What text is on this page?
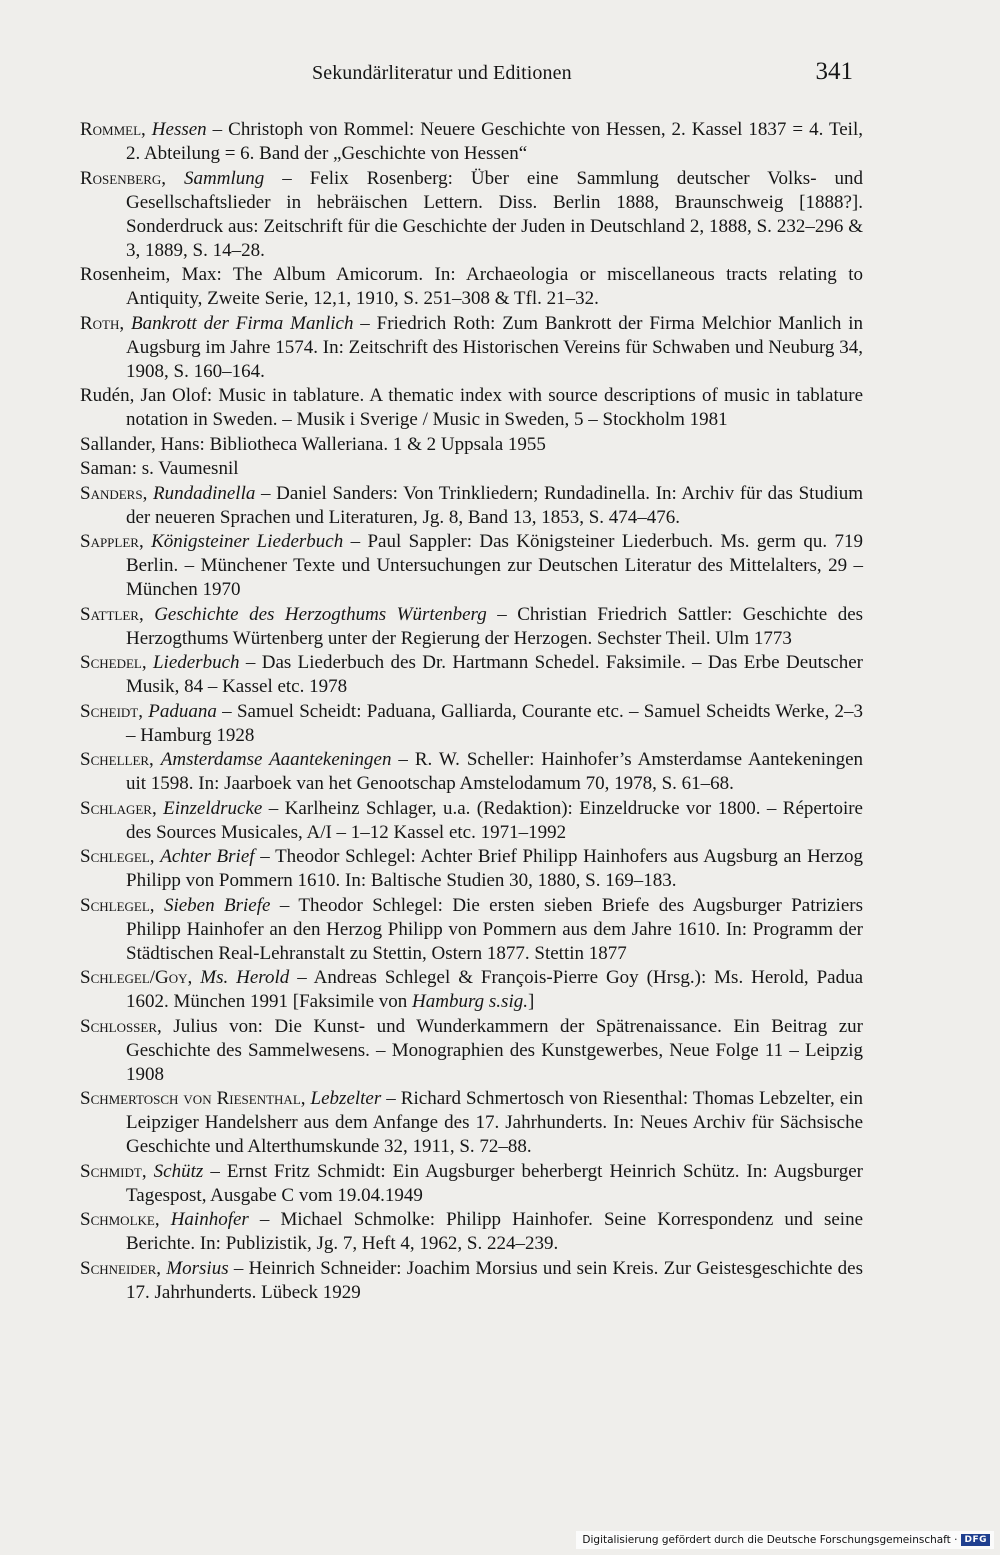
Sekundärliteratur und Editionen	341
Rommel, Hessen – Christoph von Rommel: Neuere Geschichte von Hessen, 2. Kassel 1837 = 4. Teil, 2. Abteilung = 6. Band der „Geschichte von Hessen“
Rosenberg, Sammlung – Felix Rosenberg: Über eine Sammlung deutscher Volks- und Gesellschaftslieder in hebräischen Lettern. Diss. Berlin 1888, Braunschweig [1888?]. Sonderdruck aus: Zeitschrift für die Geschichte der Juden in Deutschland 2, 1888, S. 232–296 & 3, 1889, S. 14–28.
Rosenheim, Max: The Album Amicorum. In: Archaeologia or miscellaneous tracts relating to Antiquity, Zweite Serie, 12,1, 1910, S. 251–308 & Tfl. 21–32.
Roth, Bankrott der Firma Manlich – Friedrich Roth: Zum Bankrott der Firma Melchior Manlich in Augsburg im Jahre 1574. In: Zeitschrift des Historischen Vereins für Schwaben und Neuburg 34, 1908, S. 160–164.
Rudén, Jan Olof: Music in tablature. A thematic index with source descriptions of music in tablature notation in Sweden. – Musik i Sverige / Music in Sweden, 5 – Stockholm 1981
Sallander, Hans: Bibliotheca Walleriana. 1 & 2 Uppsala 1955
Saman: s. Vaumesnil
Sanders, Rundadinella – Daniel Sanders: Von Trinkliedern; Rundadinella. In: Archiv für das Studium der neueren Sprachen und Literaturen, Jg. 8, Band 13, 1853, S. 474–476.
Sappler, Königsteiner Liederbuch – Paul Sappler: Das Königsteiner Liederbuch. Ms. germ qu. 719 Berlin. – Münchener Texte und Untersuchungen zur Deutschen Literatur des Mittelalters, 29 – München 1970
Sattler, Geschichte des Herzogthums Würtenberg – Christian Friedrich Sattler: Geschichte des Herzogthums Würtenberg unter der Regierung der Herzogen. Sechster Theil. Ulm 1773
Schedel, Liederbuch – Das Liederbuch des Dr. Hartmann Schedel. Faksimile. – Das Erbe Deutscher Musik, 84 – Kassel etc. 1978
Scheidt, Paduana – Samuel Scheidt: Paduana, Galliarda, Courante etc. – Samuel Scheidts Werke, 2–3 – Hamburg 1928
Scheller, Amsterdamse Aaantekeningen – R. W. Scheller: Hainhofer’s Amsterdamse Aantekeningen uit 1598. In: Jaarboek van het Genootschap Amstelodamum 70, 1978, S. 61–68.
Schlager, Einzeldrucke – Karlheinz Schlager, u.a. (Redaktion): Einzeldrucke vor 1800. – Répertoire des Sources Musicales, A/I – 1–12 Kassel etc. 1971–1992
Schlegel, Achter Brief – Theodor Schlegel: Achter Brief Philipp Hainhofers aus Augsburg an Herzog Philipp von Pommern 1610. In: Baltische Studien 30, 1880, S. 169–183.
Schlegel, Sieben Briefe – Theodor Schlegel: Die ersten sieben Briefe des Augsburger Patriziers Philipp Hainhofer an den Herzog Philipp von Pommern aus dem Jahre 1610. In: Programm der Städtischen Real-Lehranstalt zu Stettin, Ostern 1877. Stettin 1877
Schlegel/Goy, Ms. Herold – Andreas Schlegel & François-Pierre Goy (Hrsg.): Ms. Herold, Padua 1602. München 1991 [Faksimile von Hamburg s.sig.]
Schlosser, Julius von: Die Kunst- und Wunderkammern der Spätrenaissance. Ein Beitrag zur Geschichte des Sammelwesens. – Monographien des Kunstgewerbes, Neue Folge 11 – Leipzig 1908
Schmertosch von Riesenthal, Lebzelter – Richard Schmertosch von Riesenthal: Thomas Lebzelter, ein Leipziger Handelsherr aus dem Anfange des 17. Jahrhunderts. In: Neues Archiv für Sächsische Geschichte und Alterthumskunde 32, 1911, S. 72–88.
Schmidt, Schütz – Ernst Fritz Schmidt: Ein Augsburger beherbergt Heinrich Schütz. In: Augsburger Tagespost, Ausgabe C vom 19.04.1949
Schmolke, Hainhofer – Michael Schmolke: Philipp Hainhofer. Seine Korrespondenz und seine Berichte. In: Publizistik, Jg. 7, Heft 4, 1962, S. 224–239.
Schneider, Morsius – Heinrich Schneider: Joachim Morsius und sein Kreis. Zur Geistesgeschichte des 17. Jahrhunderts. Lübeck 1929
Digitalisierung gefördert durch die Deutsche Forschungsgemeinschaft · DFG
